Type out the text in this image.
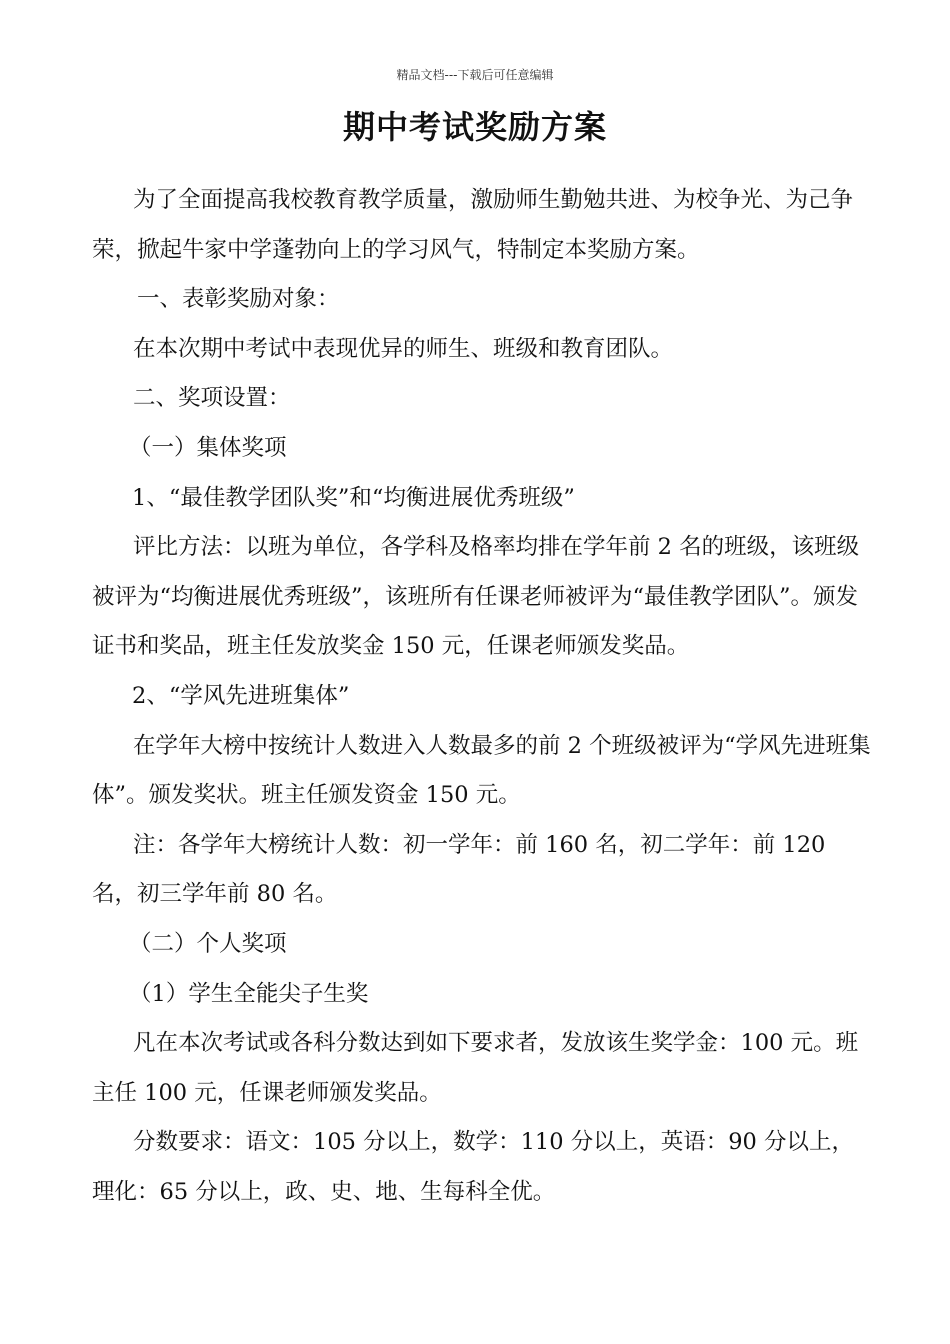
精品文档---下载后可任意编辑
期中考试奖励方案

为了全面提高我校教育教学质量，激励师生勤勉共进、为校争光、为己争荣，掀起牛家中学蓬勃向上的学习风气，特制定本奖励方案。

一、表彰奖励对象：

在本次期中考试中表现优异的师生、班级和教育团队。

二、奖项设置：

（一）集体奖项

1、“最佳教学团队奖”和“均衡进展优秀班级”

评比方法：以班为单位，各学科及格率均排在学年前 2 名的班级，该班级被评为“均衡进展优秀班级”，该班所有任课老师被评为“最佳教学团队”。颁发证书和奖品，班主任发放奖金 150 元，任课老师颁发奖品。

2、“学风先进班集体”

在学年大榜中按统计人数进入人数最多的前 2 个班级被评为“学风先进班集体”。颁发奖状。班主任颁发资金 150 元。

注：各学年大榜统计人数：初一学年：前 160 名，初二学年：前 120 名，初三学年前 80 名。

（二）个人奖项

（1）学生全能尖子生奖

凡在本次考试或各科分数达到如下要求者，发放该生奖学金：100 元。班主任 100 元，任课老师颁发奖品。

分数要求：语文：105 分以上，数学：110 分以上，英语：90 分以上，理化：65 分以上，政、史、地、生每科全优。
